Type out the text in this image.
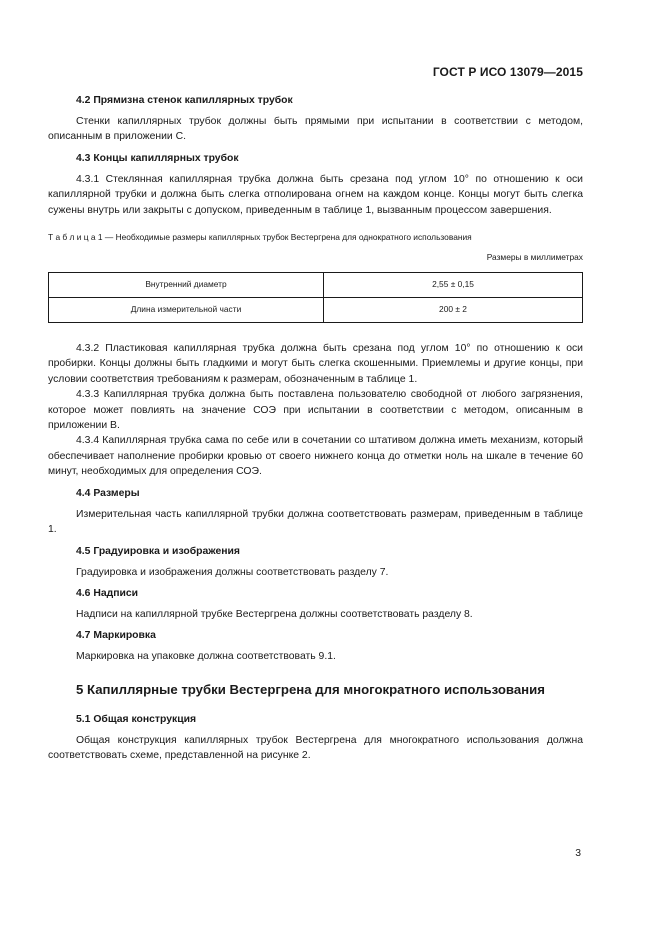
ГОСТ Р ИСО 13079—2015

4.2 Прямизна стенок капиллярных трубок

Стенки капиллярных трубок должны быть прямыми при испытании в соответствии с методом, описанным в приложении С.

4.3 Концы капиллярных трубок

4.3.1 Стеклянная капиллярная трубка должна быть срезана под углом 10° по отношению к оси капиллярной трубки и должна быть слегка отполирована огнем на каждом конце. Концы могут быть слегка сужены внутрь или закрыты с допуском, приведенным в таблице 1, вызванным процессом завершения.

Т а б л и ц а 1 — Необходимые размеры капиллярных трубок Вестергрена для однократного использования
Размеры в миллиметрах
Внутренний диаметр	2,55 ± 0,15
Длина измерительной части	200 ± 2

4.3.2 Пластиковая капиллярная трубка должна быть срезана под углом 10° по отношению к оси пробирки. Концы должны быть гладкими и могут быть слегка скошенными. Приемлемы и другие концы, при условии соответствия требованиям к размерам, обозначенным в таблице 1.

4.3.3 Капиллярная трубка должна быть поставлена пользователю свободной от любого загрязнения, которое может повлиять на значение СОЭ при испытании в соответствии с методом, описанным в приложении В.

4.3.4 Капиллярная трубка сама по себе или в сочетании со штативом должна иметь механизм, который обеспечивает наполнение пробирки кровью от своего нижнего конца до отметки ноль на шкале в течение 60 минут, необходимых для определения СОЭ.

4.4 Размеры

Измерительная часть капиллярной трубки должна соответствовать размерам, приведенным в таблице 1.

4.5 Градуировка и изображения

Градуировка и изображения должны соответствовать разделу 7.

4.6 Надписи

Надписи на капиллярной трубке Вестергрена должны соответствовать разделу 8.

4.7 Маркировка

Маркировка на упаковке должна соответствовать 9.1.

5 Капиллярные трубки Вестергрена для многократного использования

5.1 Общая конструкция

Общая конструкция капиллярных трубок Вестергрена для многократного использования должна соответствовать схеме, представленной на рисунке 2.

3
